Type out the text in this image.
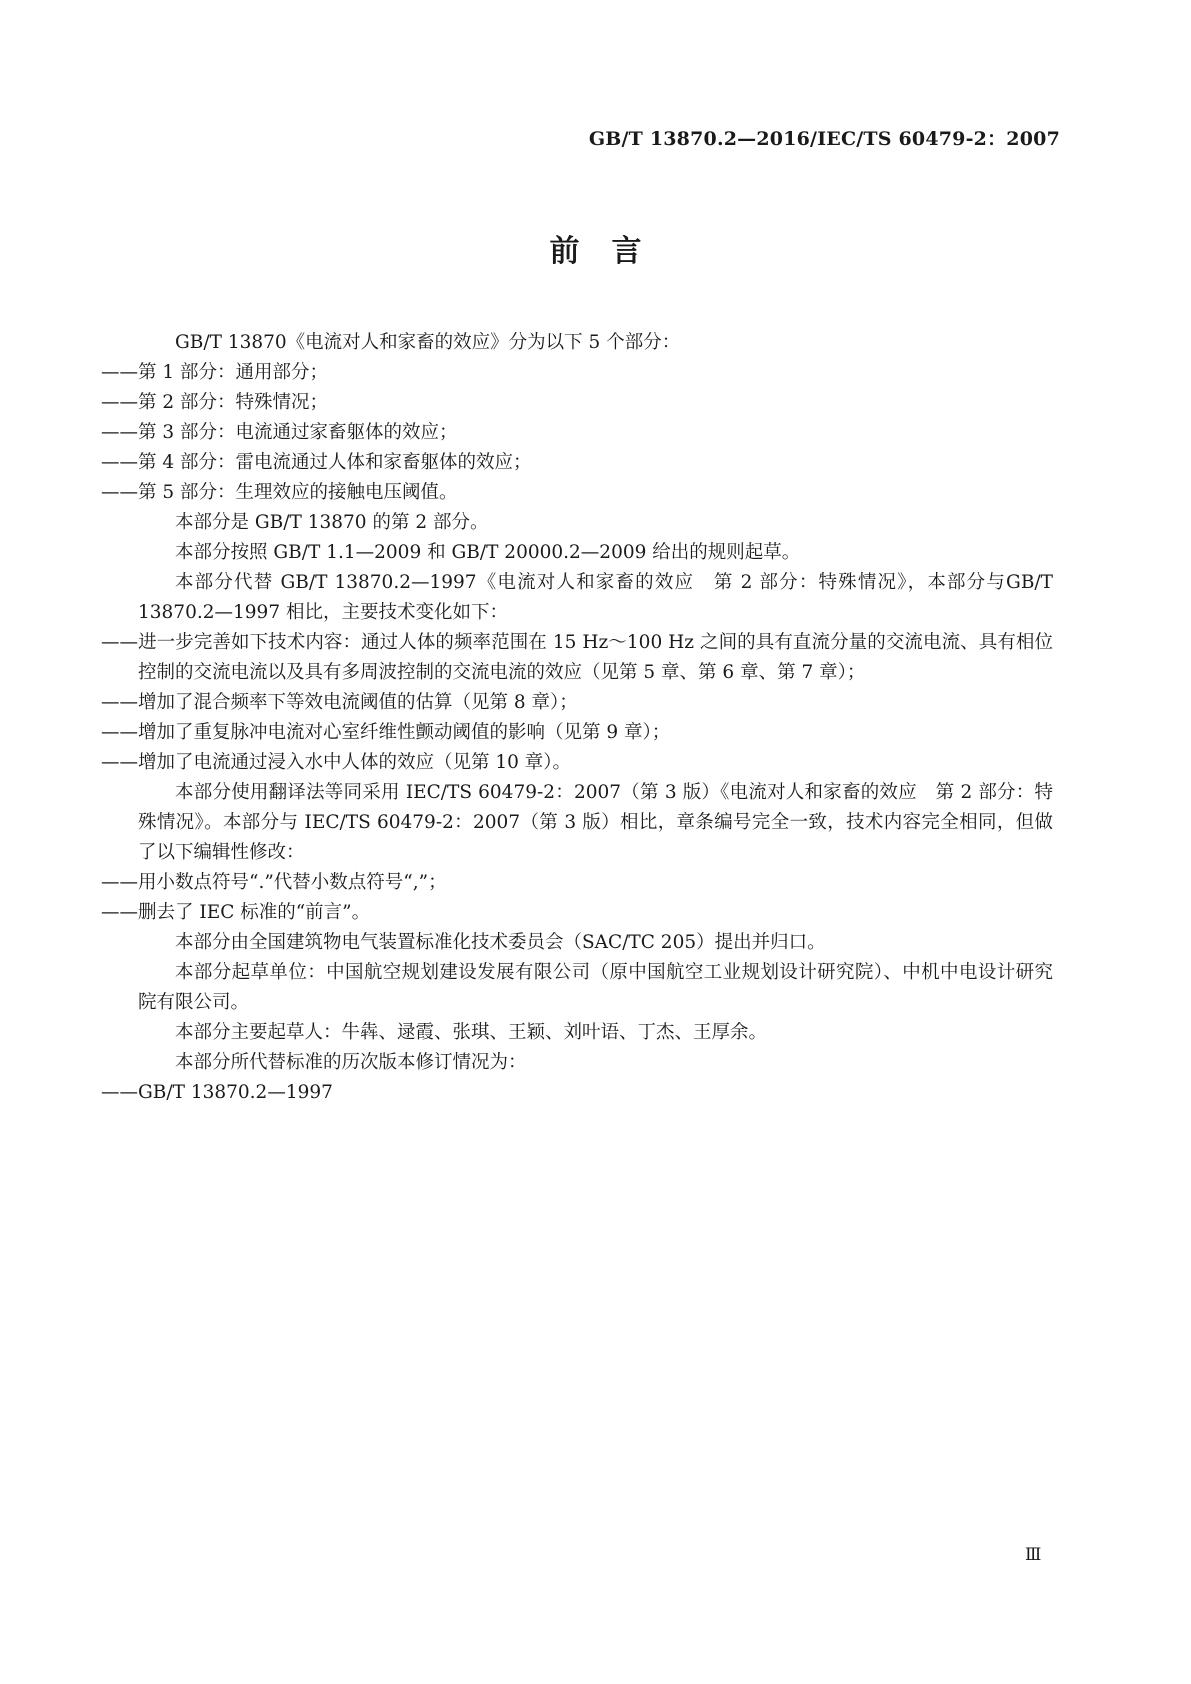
GB/T 13870.2—2016/IEC/TS 60479-2：2007
前言

GB/T 13870《电流对人和家畜的效应》分为以下 5 个部分：

——第 1 部分：通用部分；

——第 2 部分：特殊情况；

——第 3 部分：电流通过家畜躯体的效应；

——第 4 部分：雷电流通过人体和家畜躯体的效应；

——第 5 部分：生理效应的接触电压阈值。

本部分是 GB/T 13870 的第 2 部分。

本部分按照 GB/T 1.1—2009 和 GB/T 20000.2—2009 给出的规则起草。

本部分代替 GB/T 13870.2—1997《电流对人和家畜的效应　第 2 部分：特殊情况》，本部分与GB/T 13870.2—1997 相比，主要技术变化如下：

——进一步完善如下技术内容：通过人体的频率范围在 15 Hz～100 Hz 之间的具有直流分量的交流电流、具有相位控制的交流电流以及具有多周波控制的交流电流的效应（见第 5 章、第 6 章、第 7 章）；

——增加了混合频率下等效电流阈值的估算（见第 8 章）；

——增加了重复脉冲电流对心室纤维性颤动阈值的影响（见第 9 章）；

——增加了电流通过浸入水中人体的效应（见第 10 章）。

本部分使用翻译法等同采用 IEC/TS 60479-2：2007（第 3 版）《电流对人和家畜的效应　第 2 部分：特殊情况》。本部分与 IEC/TS 60479-2：2007（第 3 版）相比，章条编号完全一致，技术内容完全相同，但做了以下编辑性修改：

——用小数点符号“.”代替小数点符号“,”；

——删去了 IEC 标准的“前言”。

本部分由全国建筑物电气装置标准化技术委员会（SAC/TC 205）提出并归口。

本部分起草单位：中国航空规划建设发展有限公司（原中国航空工业规划设计研究院）、中机中电设计研究院有限公司。

本部分主要起草人：牛犇、逯霞、张琪、王颖、刘叶语、丁杰、王厚余。

本部分所代替标准的历次版本修订情况为：

——GB/T 13870.2—1997

Ⅲ
